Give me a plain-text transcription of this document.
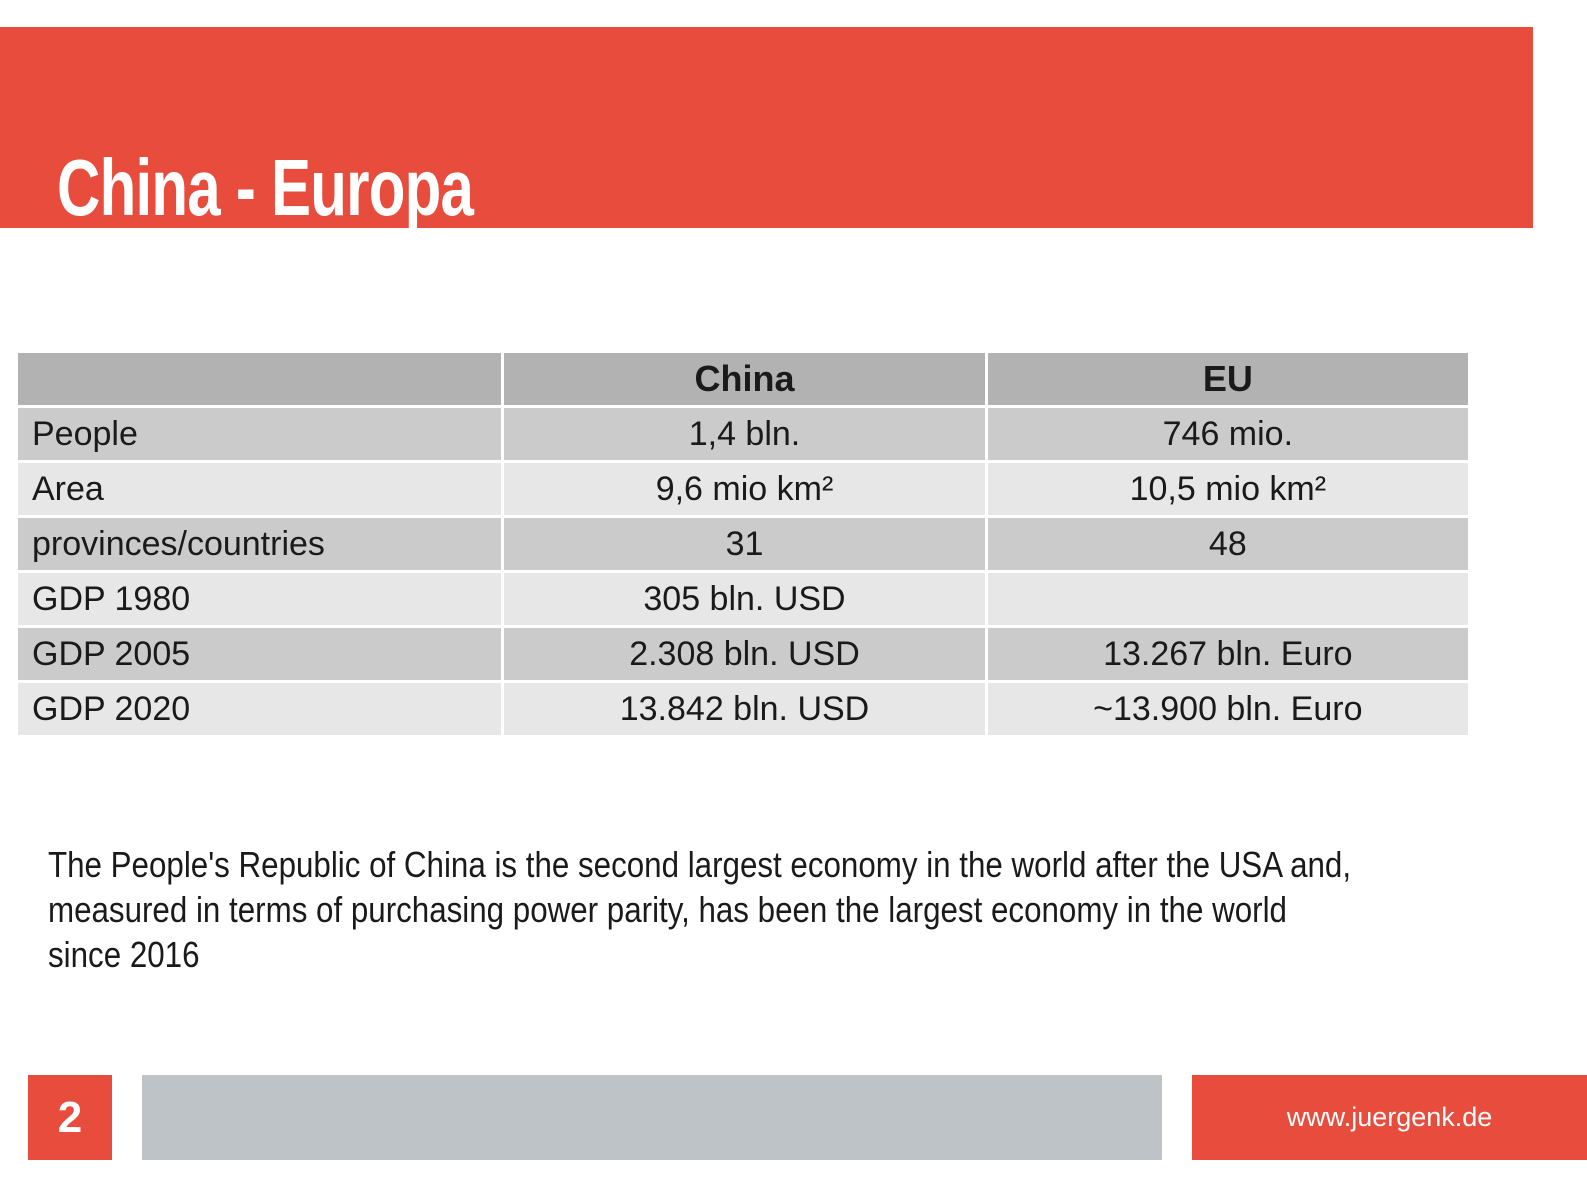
China - Europa
	China	EU
People	1,4 bln.	746 mio.
Area	9,6 mio km²	10,5 mio km²
provinces/countries	31	48
GDP 1980	305 bln. USD	
GDP 2005	2.308 bln. USD	13.267 bln. Euro
GDP 2020	13.842 bln. USD	~13.900 bln. Euro
The People's Republic of China is the second largest economy in the world after the USA and,
measured in terms of purchasing power parity, has been the largest economy in the world
since 2016
2	www.juergenk.de
